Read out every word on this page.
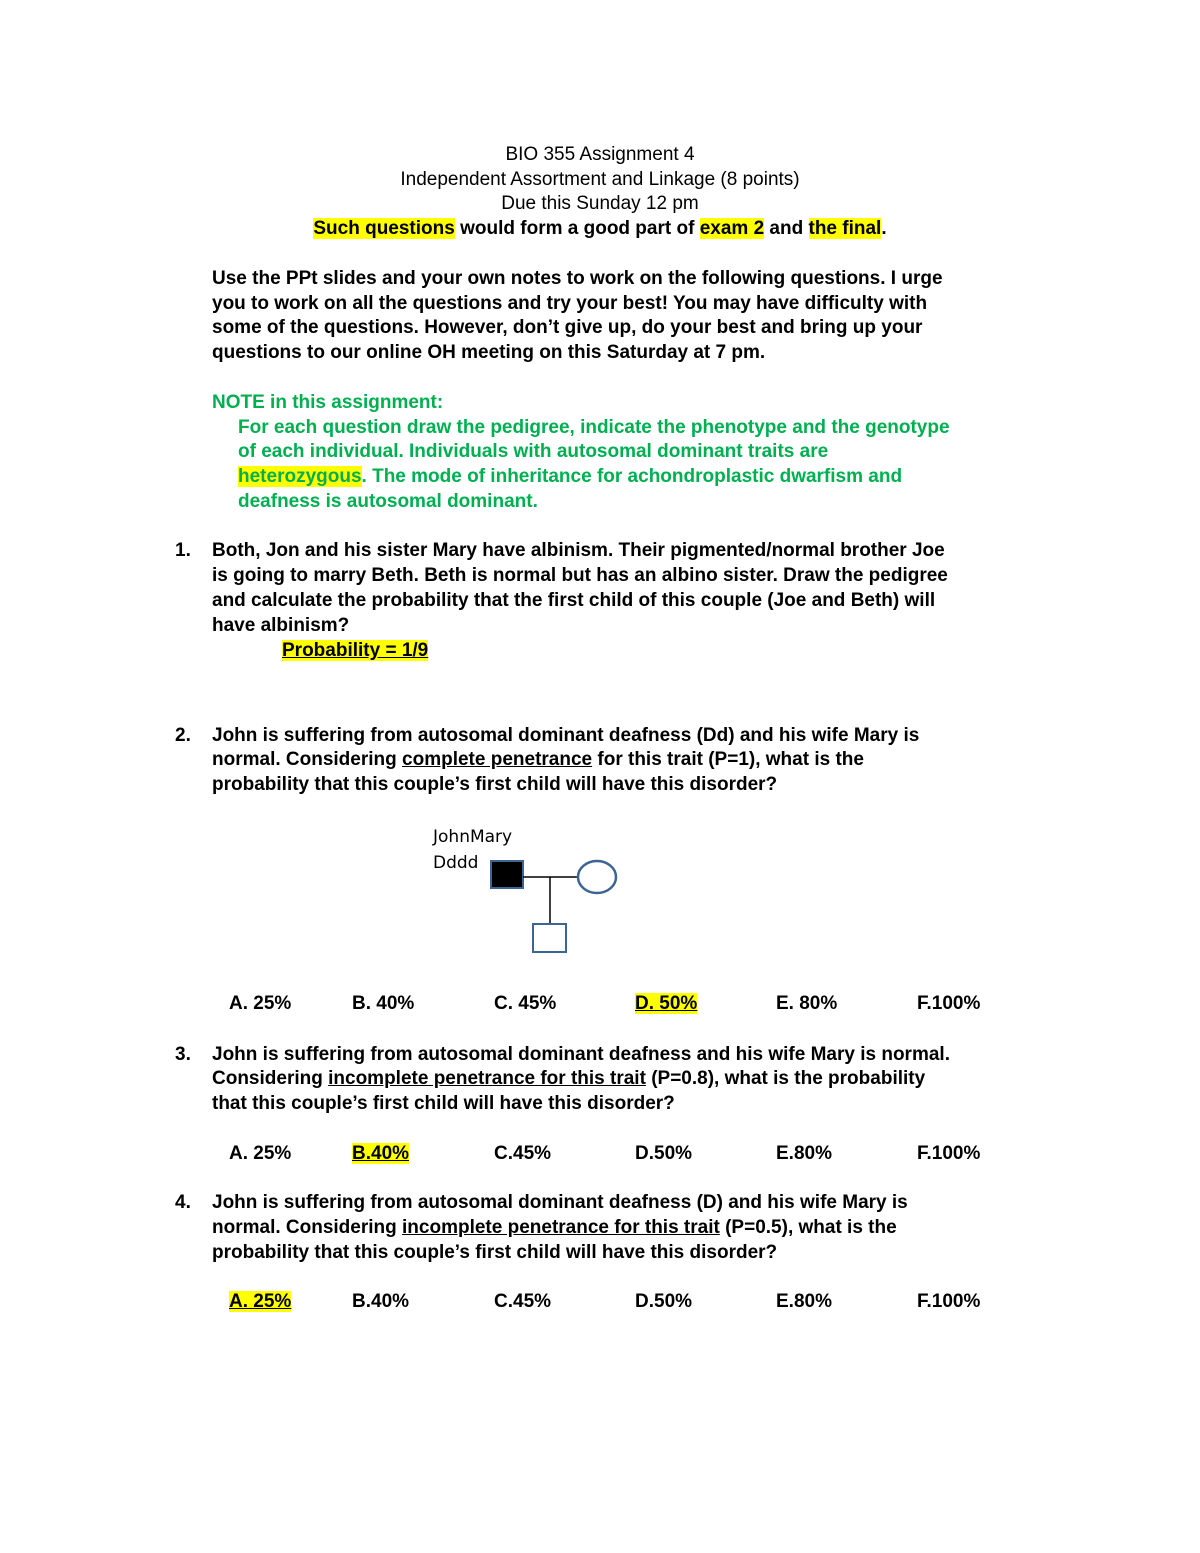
BIO 355 Assignment 4
Independent Assortment and Linkage (8 points)
Due this Sunday 12 pm
Such questions would form a good part of exam 2 and the final.
Use the PPt slides and your own notes to work on the following questions. I urge
you to work on all the questions and try your best! You may have difficulty with
some of the questions. However, don’t give up, do your best and bring up your
questions to our online OH meeting on this Saturday at 7 pm.
NOTE in this assignment:
For each question draw the pedigree, indicate the phenotype and the genotype
of each individual. Individuals with autosomal dominant traits are
heterozygous. The mode of inheritance for achondroplastic dwarfism and
deafness is autosomal dominant.
1. Both, Jon and his sister Mary have albinism. Their pigmented/normal brother Joe
is going to marry Beth. Beth is normal but has an albino sister. Draw the pedigree
and calculate the probability that the first child of this couple (Joe and Beth) will
have albinism?
Probability = 1/9
2. John is suffering from autosomal dominant deafness (Dd) and his wife Mary is
normal. Considering complete penetrance for this trait (P=1), what is the
probability that this couple’s first child will have this disorder?
JohnMary
Dddd
A. 25%	B. 40%	C. 45%	D. 50%	E. 80%	F.100%
3. John is suffering from autosomal dominant deafness and his wife Mary is normal.
Considering incomplete penetrance for this trait (P=0.8), what is the probability
that this couple’s first child will have this disorder?
A. 25%	B.40%	C.45%	D.50%	E.80%	F.100%
4. John is suffering from autosomal dominant deafness (D) and his wife Mary is
normal. Considering incomplete penetrance for this trait (P=0.5), what is the
probability that this couple’s first child will have this disorder?
A. 25%	B.40%	C.45%	D.50%	E.80%	F.100%
